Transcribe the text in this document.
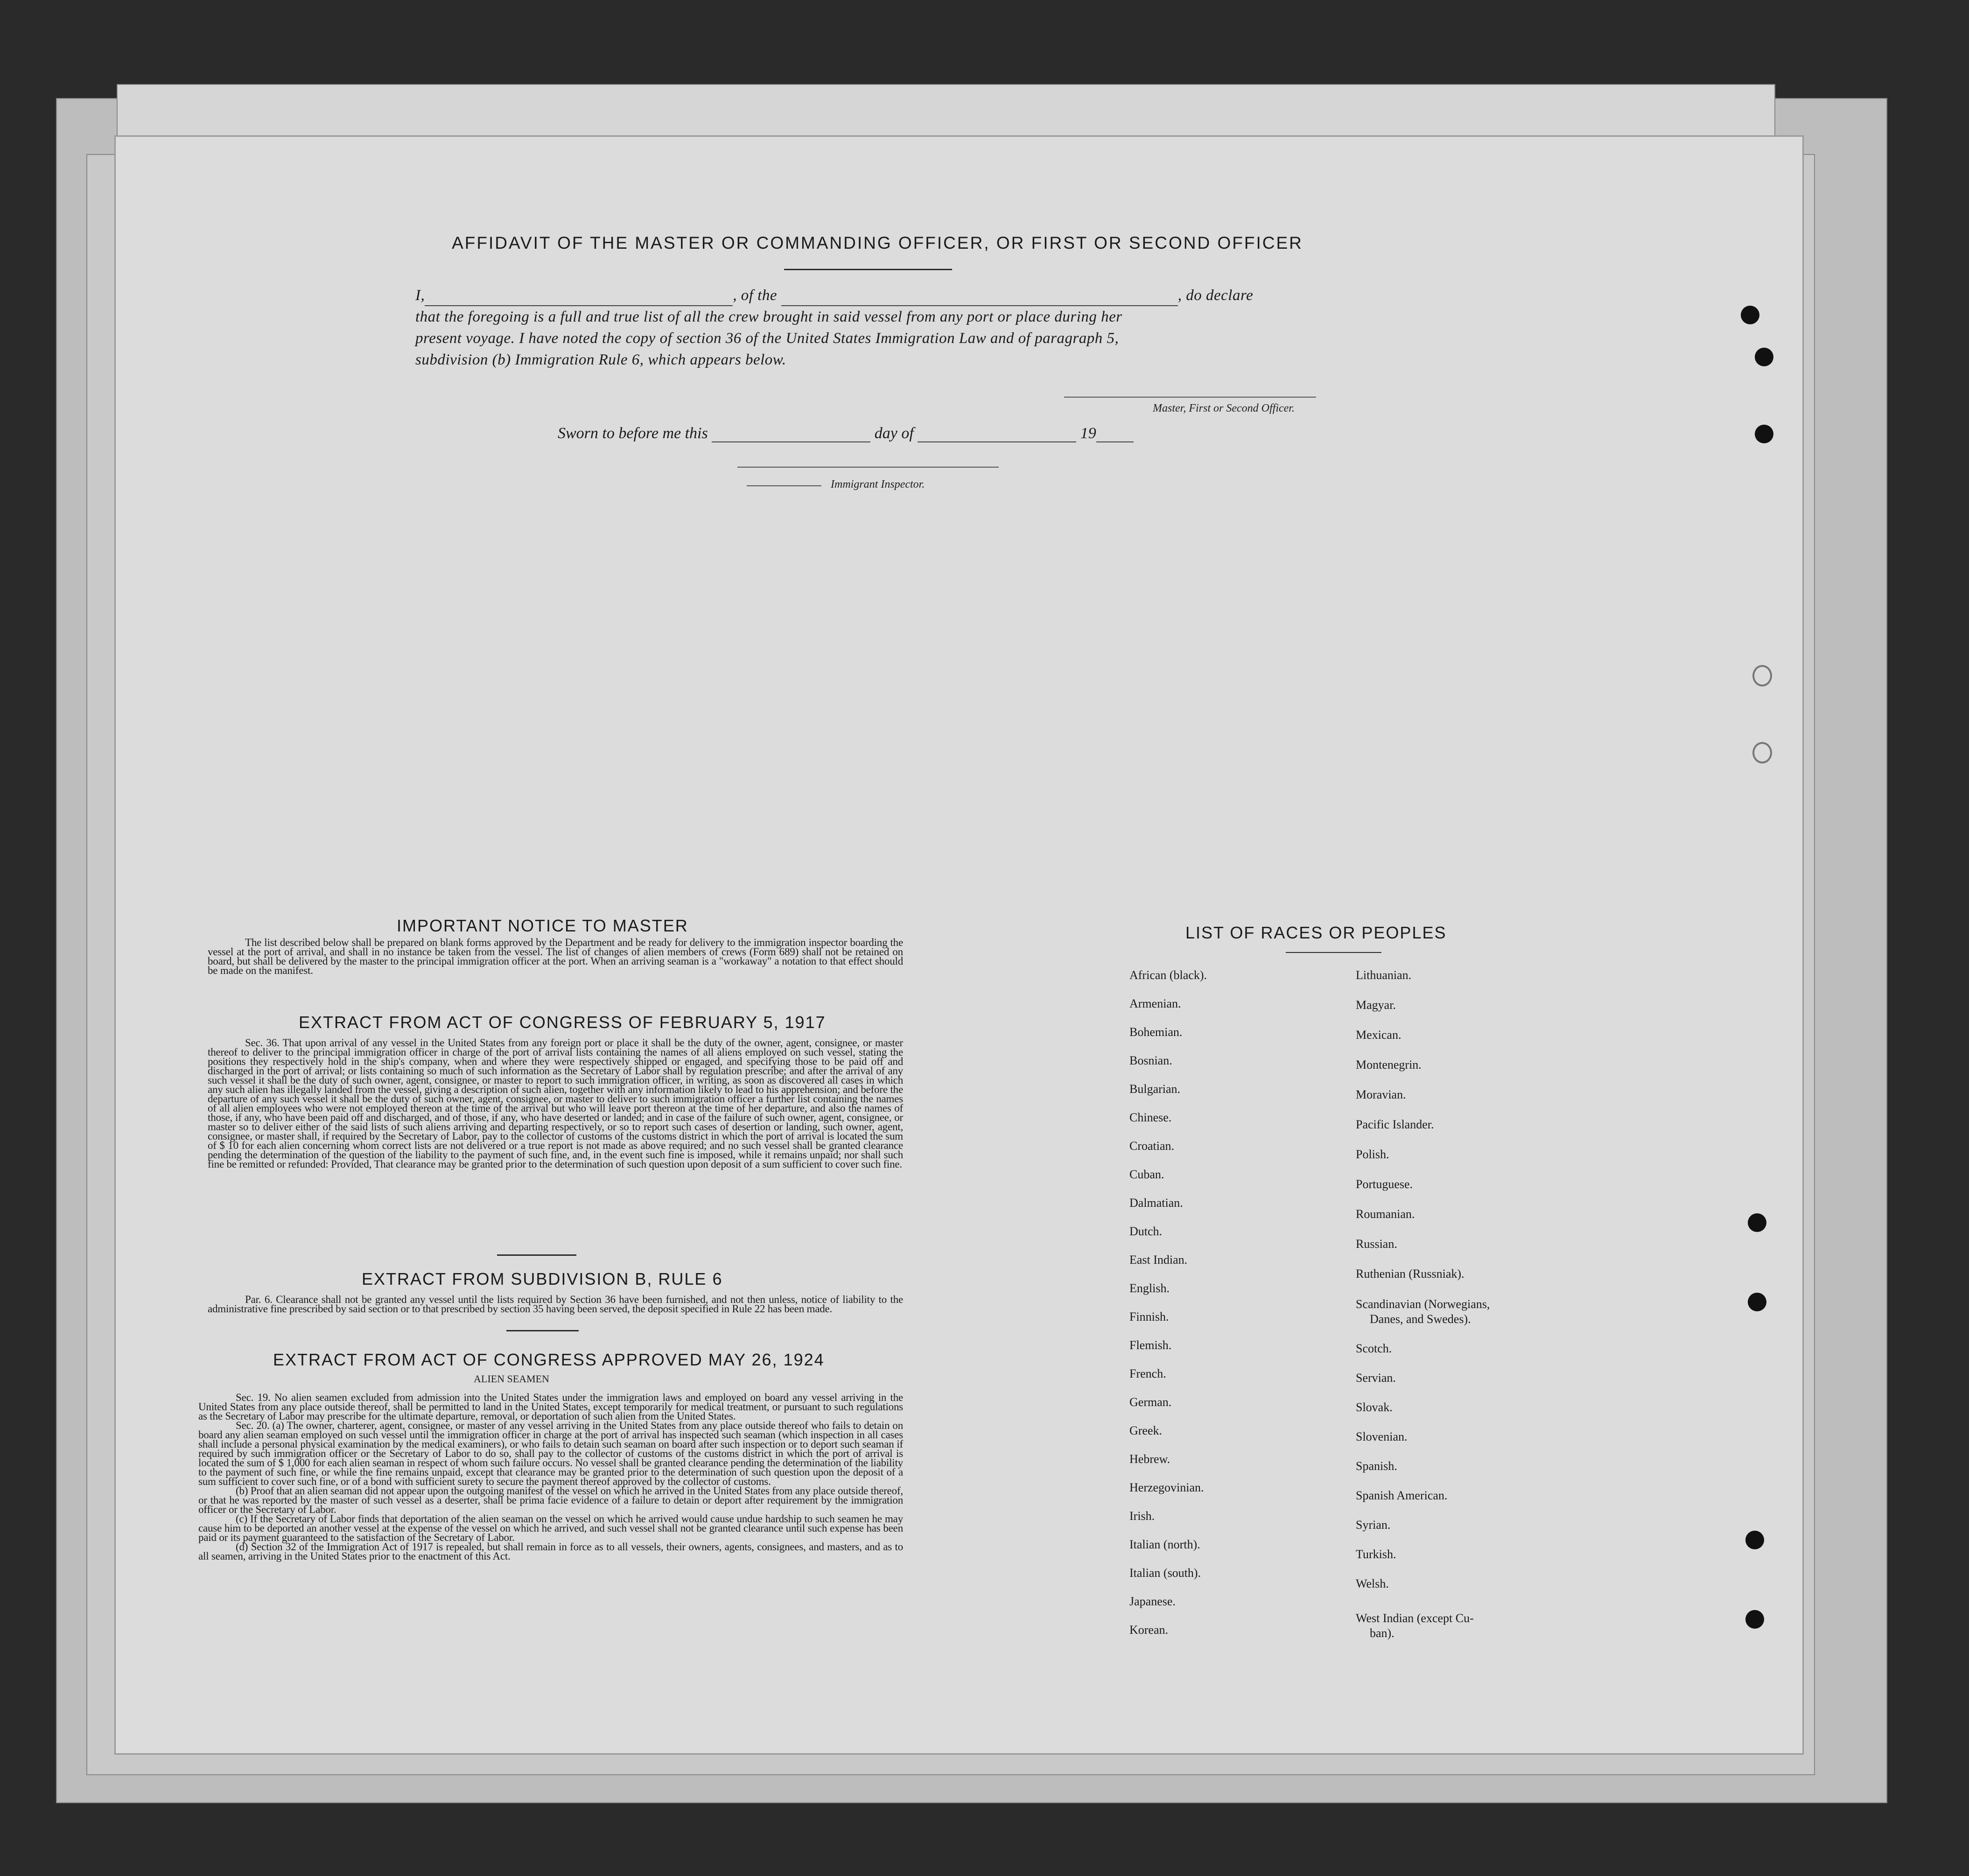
AFFIDAVIT OF THE MASTER OR COMMANDING OFFICER, OR FIRST OR SECOND OFFICER
I,	, of the	, do declare
that the foregoing is a full and true list of all the crew brought in said vessel from any port or place during her
present voyage. I have noted the copy of section 36 of the United States Immigration Law and of paragraph 5,
subdivision (b) Immigration Rule 6, which appears below.
Master, First or Second Officer.
Sworn to before me this	day of	19
Immigrant Inspector.
IMPORTANT NOTICE TO MASTER

The list described below shall be prepared on blank forms approved by the Department and be ready for delivery to the immigration inspector boarding the vessel at the port of arrival, and shall in no instance be taken from the vessel. The list of changes of alien members of crews (Form 689) shall not be retained on board, but shall be delivered by the master to the principal immigration officer at the port. When an arriving seaman is a "workaway" a notation to that effect should be made on the manifest.

EXTRACT FROM ACT OF CONGRESS OF FEBRUARY 5, 1917

Sec. 36. That upon arrival of any vessel in the United States from any foreign port or place it shall be the duty of the owner, agent, consignee, or master thereof to deliver to the principal immigration officer in charge of the port of arrival lists containing the names of all aliens employed on such vessel, stating the positions they respectively hold in the ship's company, when and where they were respectively shipped or engaged, and specifying those to be paid off and discharged in the port of arrival; or lists containing so much of such information as the Secretary of Labor shall by regulation prescribe; and after the arrival of any such vessel it shall be the duty of such owner, agent, consignee, or master to report to such immigration officer, in writing, as soon as discovered all cases in which any such alien has illegally landed from the vessel, giving a description of such alien, together with any information likely to lead to his apprehension; and before the departure of any such vessel it shall be the duty of such owner, agent, consignee, or master to deliver to such immigration officer a further list containing the names of all alien employees who were not employed thereon at the time of the arrival but who will leave port thereon at the time of her departure, and also the names of those, if any, who have been paid off and discharged, and of those, if any, who have deserted or landed; and in case of the failure of such owner, agent, consignee, or master so to deliver either of the said lists of such aliens arriving and departing respectively, or so to report such cases of desertion or landing, such owner, agent, consignee, or master shall, if required by the Secretary of Labor, pay to the collector of customs of the customs district in which the port of arrival is located the sum of $ 10 for each alien concerning whom correct lists are not delivered or a true report is not made as above required; and no such vessel shall be granted clearance pending the determination of the question of the liability to the payment of such fine, and, in the event such fine is imposed, while it remains unpaid; nor shall such fine be remitted or refunded: Provided, That clearance may be granted prior to the determination of such question upon deposit of a sum sufficient to cover such fine.

EXTRACT FROM SUBDIVISION B, RULE 6

Par. 6. Clearance shall not be granted any vessel until the lists required by Section 36 have been furnished, and not then unless, notice of liability to the administrative fine prescribed by said section or to that prescribed by section 35 having been served, the deposit specified in Rule 22 has been made.

EXTRACT FROM ACT OF CONGRESS APPROVED MAY 26, 1924
ALIEN SEAMEN

Sec. 19. No alien seamen excluded from admission into the United States under the immigration laws and employed on board any vessel arriving in the United States from any place outside thereof, shall be permitted to land in the United States, except temporarily for medical treatment, or pursuant to such regulations as the Secretary of Labor may prescribe for the ultimate departure, removal, or deportation of such alien from the United States.

Sec. 20. (a) The owner, charterer, agent, consignee, or master of any vessel arriving in the United States from any place outside thereof who fails to detain on board any alien seaman employed on such vessel until the immigration officer in charge at the port of arrival has inspected such seaman (which inspection in all cases shall include a personal physical examination by the medical examiners), or who fails to detain such seaman on board after such inspection or to deport such seaman if required by such immigration officer or the Secretary of Labor to do so, shall pay to the collector of customs of the customs district in which the port of arrival is located the sum of $ 1,000 for each alien seaman in respect of whom such failure occurs. No vessel shall be granted clearance pending the determination of the liability to the payment of such fine, or while the fine remains unpaid, except that clearance may be granted prior to the determination of such question upon the deposit of a sum sufficient to cover such fine, or of a bond with sufficient surety to secure the payment thereof approved by the collector of customs.

(b) Proof that an alien seaman did not appear upon the outgoing manifest of the vessel on which he arrived in the United States from any place outside thereof, or that he was reported by the master of such vessel as a deserter, shall be prima facie evidence of a failure to detain or deport after requirement by the immigration officer or the Secretary of Labor.

(c) If the Secretary of Labor finds that deportation of the alien seaman on the vessel on which he arrived would cause undue hardship to such seamen he may cause him to be deported an another vessel at the expense of the vessel on which he arrived, and such vessel shall not be granted clearance until such expense has been paid or its payment guaranteed to the satisfaction of the Secretary of Labor.

(d) Section 32 of the Immigration Act of 1917 is repealed, but shall remain in force as to all vessels, their owners, agents, consignees, and masters, and as to all seamen, arriving in the United States prior to the enactment of this Act.

LIST OF RACES OR PEOPLES
African (black).
Armenian.
Bohemian.
Bosnian.
Bulgarian.
Chinese.
Croatian.
Cuban.
Dalmatian.
Dutch.
East Indian.
English.
Finnish.
Flemish.
French.
German.
Greek.
Hebrew.
Herzegovinian.
Irish.
Italian (north).
Italian (south).
Japanese.
Korean.
Lithuanian.
Magyar.
Mexican.
Montenegrin.
Moravian.
Pacific Islander.
Polish.
Portuguese.
Roumanian.
Russian.
Ruthenian (Russniak).
Scandinavian (Norwegians,
Danes, and Swedes).
Scotch.
Servian.
Slovak.
Slovenian.
Spanish.
Spanish American.
Syrian.
Turkish.
Welsh.
West Indian (except Cu-
ban).
